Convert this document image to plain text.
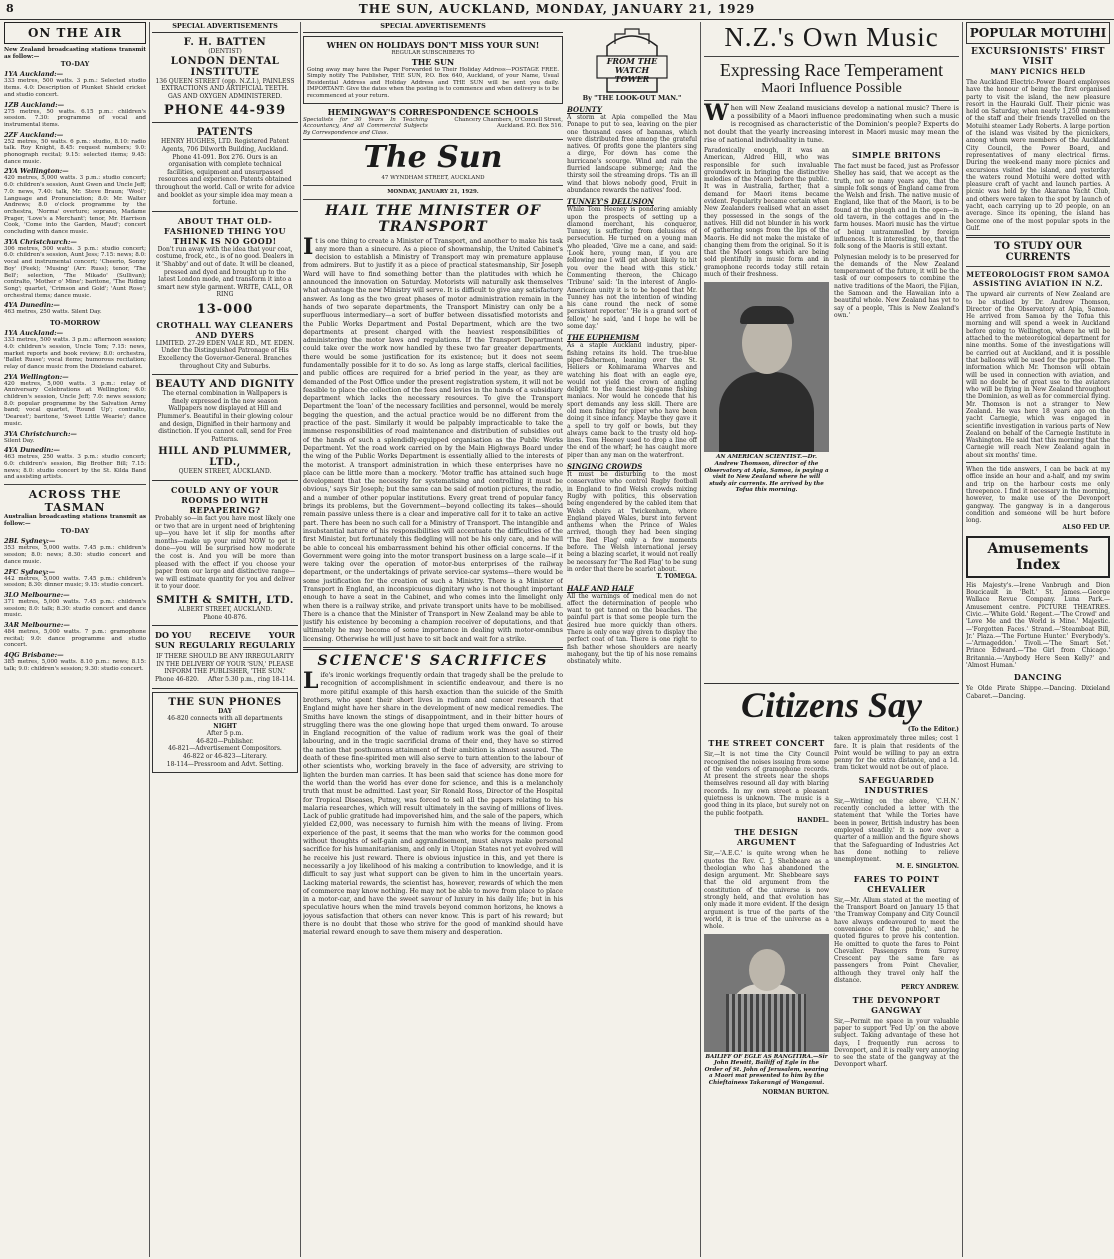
8	THE SUN, AUCKLAND, MONDAY, JANUARY 21, 1929
ON THE AIR
New Zealand broadcasting stations transmit as follow:—
TO-DAY
1YA Auckland:—
333 metres, 500 watts. 3 p.m.: Selected studio items. 4.0: Description of Plunket Shield cricket and studio concert.
1ZB Auckland:—
275 metres, 50 watts. 6.15 p.m.: children's session. 7.30: programme of vocal and instrumental items.
2ZF Auckland:—
252 metres, 50 watts. 6 p.m.: studio, 8.10: radio talk. Roy Knight, 8.45: request numbers; 9.0: phonograph recital; 9.15: selected items; 9.45: dance music.
2YA Wellington:—
420 metres, 5,000 watts. 3 p.m.: studio concert; 6.0: children's session, Aunt Gwen and Uncle Jeff; 7.0: news, 7.40: talk, Mr. Steve Braun; 'Wool'; Language and Pronunciation; 8.0: Mr. Walter Andrews; 8.0 o'clock programme by the orchestra, 'Norma' overture; soprano, Madame Prager, 'Love's a Merchant'; tenor, Mr. Harrison Cook, 'Come into the Garden, Maud'; concert concluding with dance music.
3YA Christchurch:—
306 metres, 500 watts. 3 p.m.: studio concert; 6.0: children's session, Aunt Jess; 7.15: news; 8.0: vocal and instrumental concert; 'Cheerio, Sonny Boy' (Feek); 'Musing' (Arr. Russ); tenor, 'The Bell'; selection, 'The Mikado' (Sullivan); contralto, 'Mother o' Mine'; baritone, 'The Riding Song'; quartet, 'Crimson and Gold'; 'Aunt Rose'; orchestral items; dance music.
4YA Dunedin:—
463 metres, 250 watts. Silent Day.
TO-MORROW
1YA Auckland:—
333 metres, 500 watts. 3 p.m.: afternoon session; 4.0: children's session, Uncle Tom; 7.15: news, market reports and book review; 8.0: orchestra, 'Ballet Russe'; vocal items; humorous recitation; relay of dance music from the Dixieland cabaret.
2YA Wellington:—
420 metres, 5,000 watts. 3 p.m.: relay of Anniversary Celebrations at Wellington; 6.0: children's session, Uncle Jeff; 7.0: news session; 8.0: popular programme by the Salvation Army band; vocal quartet, 'Round Up'; contralto, 'Dearest'; baritone, 'Sweet Little Wearie'; dance music.
3YA Christchurch:—
Silent Day.
4YA Dunedin:—
463 metres, 250 watts. 3 p.m.: studio concert; 6.0: children's session, Big Brother Bill; 7.15: news; 8.0: studio concert by the St. Kilda Band and assisting artists.
ACROSS THE TASMAN
Australian broadcasting stations transmit as follow:—
TO-DAY
2BL Sydney:—
353 metres, 5,000 watts. 7.45 p.m.: children's session; 8.0: news; 8.30: studio concert and dance music.
2FC Sydney:—
442 metres, 5,000 watts. 7.45 p.m.: children's session; 8.30: dinner music; 9.15: studio concert.
3LO Melbourne:—
371 metres, 5,000 watts. 7.45 p.m.: children's session; 8.0: talk; 8.30: studio concert and dance music.
3AR Melbourne:—
484 metres, 5,000 watts. 7 p.m.: gramophone recital; 9.0: dance programme and studio concert.
4QG Brisbane:—
385 metres, 5,000 watts. 8.10 p.m.: news; 8.15: talk; 9.0: children's session; 9.30: studio concert.
SPECIAL ADVERTISEMENTS
F. H. BATTEN
(DENTIST)
LONDON DENTAL INSTITUTE
136 QUEEN STREET (opp. N.Z.I.), PAINLESS EXTRACTIONS AND ARTIFICIAL TEETH. GAS AND OXYGEN ADMINISTERED.
PHONE 44-939
PATENTS
HENRY HUGHES, LTD. Registered Patent Agents, 706 Dilworth Building, Auckland. Phone 41-091. Box 276. Ours is an organisation with complete technical facilities, equipment and unsurpassed resources and experience. Patents obtained throughout the world. Call or write for advice and booklet as your simple idea may mean a fortune.
ABOUT THAT OLD-FASHIONED THING YOU THINK IS NO GOOD!
Don't run away with the idea that your coat, costume, frock, etc., is of no good. Dealers in it 'Shabby' and out of date. It will be cleaned, pressed and dyed and brought up to the latest London mode, and transform it into a smart new style garment. WRITE, CALL, OR RING
13-000
CROTHALL WAY CLEANERS AND DYERS
LIMITED. 27-29 EDEN VALE RD., MT. EDEN. Under the Distinguished Patronage of His Excellency the Governor-General. Branches throughout City and Suburbs.
BEAUTY AND DIGNITY
The eternal combination in Wallpapers is finely expressed in the new season Wallpapers now displayed at Hill and Plummer's. Beautiful in their glowing colour and design, Dignified in their harmony and distinction. If you cannot call, send for Free Patterns.
HILL AND PLUMMER, LTD.,
QUEEN STREET, AUCKLAND.
COULD ANY OF YOUR ROOMS DO WITH REPAPERING?
Probably so—in fact you have most likely one or two that are in urgent need of brightening up—you have let it slip for months after months—make up your mind NOW to get it done—you will be surprised how moderate the cost is. And you will be more than pleased with the effect if you choose your paper from our large and distinctive range—we will estimate quantity for you and deliver it to your door.
SMITH & SMITH, LTD.
ALBERT STREET, AUCKLAND.
Phone 40-876.
DO YOU RECEIVE YOUR
SUN REGULARLY REGULARLY
IF THERE SHOULD BE ANY IRREGULARITY IN THE DELIVERY OF YOUR 'SUN,' PLEASE INFORM THE PUBLISHER, 'THE SUN.'
Phone 46-820. After 5.30 p.m., ring 18-114.
THE SUN PHONES
DAY
46-820 connects with all departments
NIGHT
After 5 p.m.
46-820—Publisher.
46-821—Advertisement Compositors.
46-822 or 46-823—Literary.
18-114—Pressroom and Advt. Setting.
SPECIAL ADVERTISEMENTS
WHEN ON HOLIDAYS DON'T MISS YOUR SUN!
REGULAR SUBSCRIBERS TO
THE SUN
Going away may have the Paper Forwarded to Their Holiday Address—POSTAGE FREE. Simply notify The Publisher, THE SUN, P.O. Box 640, Auckland, of your Name, Usual Residential Address and Holiday Address and THE SUN will be sent you daily. IMPORTANT: Give the dates when the posting is to commence and when delivery is to be recommenced at your return.
HEMINGWAY'S CORRESPONDENCE SCHOOLS
Specialists for 30 Years In Teaching Accountancy, And all Commercial Subjects By Correspondence and Class.
Chancery Chambers, O'Connell Street, Auckland. P.O. Box 516.
The Sun
47 WYNDHAM STREET, AUCKLAND
MONDAY, JANUARY 21, 1929.
HAIL THE MINISTER OF TRANSPORT
It is one thing to create a Minister of Transport, and another to make his task any more than a sinecure. As a piece of showmanship, the United Cabinet's decision to establish a Ministry of Transport may win premature applause from admirers. But to justify it as a piece of practical statesmanship, Sir Joseph Ward will have to find something better than the platitudes with which he announced the innovation on Saturday. Motorists will naturally ask themselves what advantage the new Ministry will serve. It is difficult to give any satisfactory answer. As long as the two great phases of motor administration remain in the hands of two separate departments, the Transport Ministry can only be a superfluous intermediary—a sort of buffer between dissatisfied motorists and the Public Works Department and Postal Department, which are the two departments at present charged with the heaviest responsibilities of administering the motor laws and regulations. If the Transport Department could take over the work now handled by these two far greater departments, there would be some justification for its existence; but it does not seem fundamentally possible for it to do so. As long as large staffs, clerical facilities, and public offices are required for a brief period in the year, as they are demanded of the Post Office under the present registration system, it will not be feasible to place the collection of the fees and levies in the hands of a subsidiary department which lacks the necessary resources. To give the Transport Department the 'loan' of the necessary facilities and personnel, would be merely begging the question, and the actual practice would be no different from the practice of the past. Similarly it would be palpably impracticable to take the immense responsibilities of road maintenance and distribution of subsidies out of the hands of such a splendidly-equipped organisation as the Public Works Department. Yet the road work carried on by the Main Highways Board under the wing of the Public Works Department is essentially allied to the interests of the motorist. A transport administration in which these enterprises have no place can be little more than a mockery. 'Motor traffic has attained such huge development that the necessity for systematising and controlling it must be obvious,' says Sir Joseph; but the same can be said of motion pictures, the radio, and a number of other popular institutions. Every great trend of popular fancy brings its problems, but the Government—beyond collecting its takes—should remain passive unless there is a clear and imperative call for it to take an active part. There has been no such call for a Ministry of Transport. The intangible and insubstantial nature of his responsibilities will accentuate the difficulties of the first Minister, but fortunately this fledgling will not be his only care, and he will be able to conceal his embarrassment behind his other official concerns. If the Government were going into the motor transport business on a large scale—if it were taking over the operation of motor-bus enterprises of the railway department, or the undertakings of private service-car systems—there would be some justification for the creation of such a Ministry. There is a Minister of Transport in England, an inconspicuous dignitary who is not thought important enough to have a seat in the Cabinet, and who comes into the limelight only when there is a railway strike, and private transport units have to be mobilised. There is a chance that the Minister of Transport in New Zealand may be able to justify his existence by becoming a champion receiver of deputations, and that ultimately he may become of some importance in dealing with motor-omnibus licensing. Otherwise he will just have to sit back and wait for a strike.
SCIENCE'S SACRIFICES
Life's ironic workings frequently ordain that tragedy shall be the prelude to recognition of accomplishment in scientific endeavour, and there is no more pitiful example of this harsh exaction than the suicide of the Smith brothers, who spent their short lives in radium and cancer research that England might have her share in the development of new medical remedies. The Smiths have known the stings of disappointment, and in their bitter hours of struggling there was the one glowing hope that urged them onward. To arouse in England recognition of the value of radium work was the goal of their labouring, and in the tragic sacrificial drama of their end, they have so stirred the nation that posthumous attainment of their ambition is almost assured. The death of these fine-spirited men will also serve to turn attention to the labour of other scientists who, working bravely in the face of adversity, are striving to lighten the burden man carries. It has been said that science has done more for the world than the world has ever done for science, and this is a melancholy truth that must be admitted. Last year, Sir Ronald Ross, Director of the Hospital for Tropical Diseases, Putney, was forced to sell all the papers relating to his malaria researches, which will result ultimately in the saving of millions of lives. Lack of public gratitude had impoverished him, and the sale of the papers, which yielded £2,000, was necessary to furnish him with the means of living. From experience of the past, it seems that the man who works for the common good without thoughts of self-gain and aggrandisement, must always make personal sacrifice for his humanitarianism, and only in Utopian States not yet evolved will he receive his just reward. There is obvious injustice in this, and yet there is necessarily a joy likelihood of his making a contribution to knowledge, and it is difficult to say just what support can be given to him in the uncertain years. Lacking material rewards, the scientist has, however, rewards of which the men of commerce may know nothing. He may not be able to move from place to place in a motor-car, and have the sweet savour of luxury in his daily life; but in his speculative hours when the mind travels beyond common horizons, he knows a joyous satisfaction that others can never know. This is part of his reward; but there is no doubt that those who strive for the good of mankind should have material reward enough to save them misery and desperation.
FROM THE WATCH TOWER
By "THE LOOK-OUT MAN."
BOUNTY
A storm at Apia compelled the Mau Ponape to put to sea, leaving on the pier one thousand cases of bananas, which were distributed free among the grateful natives. Of profits gone the planters sing a dirge, For down has come the hurricane's scourge. Wind and rain the flurried landscape submerge; And the thirsty soil the streaming drops. 'Tis an ill wind that blows nobody good, Fruit in abundance rewards the natives' food.
TUNNEY'S DELUSION
While Tom Heeney is pondering amiably upon the prospects of setting up a diamond merchant, his conqueror, Tunney, is suffering from delusions of persecution. He turned on a young man who pleaded, 'Give me a cane, and said: 'Look here, young man, if you are following me I will get about likely to hit you over the head with this stick.' Commenting thereon, the Chicago 'Tribune' said: 'In the interest of Anglo-American unity it is to be hoped that Mr. Tunney has not the intention of winding his cane round the neck of some persistent reporter.' 'He is a grand sort of fellow,' he said, 'and I hope he will be some day.'
THE EUPHEMISM
As a staple Auckland industry, piper-fishing retains its hold. The true-blue piper-fishermen, leaning over the St. Heliers or Kohimarama Wharves and watching his float with an eagle eye, would not yield the crown of angling delight to the fanciest big-game fishing maniacs. Nor would he concede that his sport demands any less skill. There are old men fishing for piper who have been doing it since infancy. Maybe they gave it a spell to try golf or bowls, but they always came back to the trusty old hop-lines. Tom Heeney used to drop a line off the end of the wharf; he has caught more piper than any man on the waterfront.
SINGING CROWDS
It must be disturbing to the most conservative who control Rugby football in England to find Welsh crowds mixing Rugby with politics, this observation being engendered by the cabled item that Welsh choirs at Twickenham, where England played Wales, burst into fervent anthems when the Prince of Wales arrived, though they had been singing 'The Red Flag' only a few moments before. The Welsh international jersey being a blazing scarlet, it would not really be necessary for 'The Red Flag' to be sung in order that there be scarlet about.
T. TOMEGA.
HALF AND HALF
All the warnings of medical men do not affect the determination of people who want to get tanned on the beaches. The painful part is that some people turn the desired hue more quickly than others. There is only one way given to display the perfect coat of tan. There is one right to fish bather whose shoulders are nearly mahogany, but the tip of his nose remains obstinately white.
N.Z.'s Own Music
Expressing Race Temperament
Maori Influence Possible
When will New Zealand musicians develop a national music? There is a possibility of a Maori influence predominating when such a music is recognised as characteristic of the Dominion's people? Experts do not doubt that the yearly increasing interest in Maori music may mean the rise of national individuality in tune.
Paradoxically enough, it was an American, Aldred Hill, who was responsible for such invaluable groundwork in bringing the distinctive melodies of the Maori before the public. It was in Australia, farther, that a demand for Maori items became evident. Popularity became certain when New Zealanders realised what an asset they possessed in the songs of the natives. Hill did not blunder in his work of gathering songs from the lips of the Maoris. He did not make the mistake of changing them from the original. So it is that the Maori songs which are being sold plentifully in music form and in gramophone records today still retain much of their freshness.
AN AMERICAN SCIENTIST.—Dr. Andrew Thomson, director of the Observatory at Apia, Samoa, is paying a visit to New Zealand where he will study air currents. He arrived by the Tofua this morning.
SIMPLE BRITONS
The fact must be faced, just as Professor Shelley has said, that we accept as the truth, not so many years ago, that the simple folk songs of England came from the Welsh and Irish. The native music of England, like that of the Maori, is to be found at the plough and in the open—in old tavern, in the cottages and in the farm houses. Maori music has the virtue of being untrammelled by foreign influences. It is interesting, too, that the folk song of the Maoris is still extant.
Polynesian melody is to be preserved for the demands of the New Zealand temperament of the future, it will be the task of our composers to combine the native traditions of the Maori, the Fijian, the Samoan and the Hawaiian into a beautiful whole. New Zealand has yet to say of a people, 'This is New Zealand's own.'
Citizens Say
(To the Editor.)
THE STREET CONCERT
Sir,—It is not time the City Council recognised the noises issuing from some of the vendors of gramophone records. At present the streets near the shops themselves resound all day with blaring records. In my own street a pleasant quietness is unknown. The music is a good thing in its place, but surely not on the public footpath.
HANDEL.
THE DESIGN ARGUMENT
Sir,—'A.E.C.' is quite wrong when he quotes the Rev. C. J. Shebbeare as a theologian who has abandoned the design argument. Mr. Shebbeare says that the old argument from the constitution of the universe is now strongly held, and that evolution has only made it more evident. If the design argument is true of the parts of the world, it is true of the universe as a whole.
BAILIFF OF EGLE AS RANGITIRA.—Sir John Hewitt, Bailiff of Egle in the Order of St. John of Jerusalem, wearing a Maori mat presented to him by the Chieftainess Takarangi of Wanganui.
NORMAN BURTON.
taken approximately three miles; cost 1 fare. It is plain that residents of the Point would be willing to pay an extra penny for the extra distance, and a 1d. tram ticket would not be out of place.
SAFEGUARDED INDUSTRIES
Sir,—Writing on the above, 'C.H.N.' recently concluded a letter with the statement that 'while the Tories have been in power, British industry has been employed steadily.' It is now over a quarter of a million and the figure shows that the Safeguarding of Industries Act has done nothing to relieve unemployment.
M. E. SINGLETON.
FARES TO POINT CHEVALIER
Sir,—Mr. Allum stated at the meeting of the Transport Board on January 15 that 'the Tramway Company and City Council have always endeavoured to meet the convenience of the public,' and he quoted figures to prove his contention. He omitted to quote the fares to Point Chevalier. Passengers from Surrey Crescent pay the same fare as passengers from Point Chevalier, although they travel only half the distance.
PERCY ANDREW.
THE DEVONPORT GANGWAY
Sir,—Permit me space in your valuable paper to support 'Fed Up' on the above subject. Taking advantage of these hot days, I frequently run across to Devonport, and it is really very annoying to see the state of the gangway at the Devonport wharf.
POPULAR MOTUIHI
EXCURSIONISTS' FIRST VISIT
MANY PICNICS HELD
The Auckland Electric-Power Board employees have the honour of being the first organised party to visit the island, the new pleasure resort in the Hauraki Gulf. Their picnic was held on Saturday, when nearly 1,250 members of the staff and their friends travelled on the Motuihi steamer Lady Roberts. A large portion of the island was visited by the picnickers, among whom were members of the Auckland City Council, the Power Board, and representatives of many electrical firms. During the week-end many more picnics and excursions visited the island, and yesterday the waters round Motuihi were dotted with pleasure craft of yacht and launch parties. A picnic was held by the Akarana Yacht Club, and others were taken to the spot by launch of yacht, each carrying up to 20 people, on an average. Since its opening, the island has become one of the most popular spots in the Gulf.
TO STUDY OUR CURRENTS
METEOROLOGIST FROM SAMOA
ASSISTING AVIATION IN N.Z.
The upward air currents of New Zealand are to be studied by Dr. Andrew Thomson, Director of the Observatory at Apia, Samoa. He arrived from Samoa by the Tofua this morning and will spend a week in Auckland before going to Wellington, where he will be attached to the meteorological department for nine months. Some of the investigations will be carried out at Auckland, and it is possible that balloons will be used for the purpose. The information which Mr. Thomson will obtain will be used in connection with aviation, and will no doubt be of great use to the aviators who will be flying in New Zealand throughout the Dominion, as well as for commercial flying. Mr. Thomson is not a stranger to New Zealand. He was here 18 years ago on the yacht Carnegie, which was engaged in scientific investigation in various parts of New Zealand on behalf of the Carnegie Institute in Washington. He said that this morning that the Carnegie will reach New Zealand again in about six months' time.
When the tide answers, I can be back at my office inside an hour and a-half, and my swim and trip on the harbour costs me only threepence. I find it necessary in the morning, however, to make use of the Devonport gangway. The gangway is in a dangerous condition and someone will be hurt before long.
ALSO FED UP.
Amusements Index
His Majesty's.—Irene Vanbrugh and Dion Boucicault in 'Belt.' St. James.—George Wallace Revue Company. Luna Park.—Amusement centre. PICTURE THEATRES. Civic.—'White Gold.' Regent.—'The Crowd' and 'Love Me and the World is Mine.' Majestic.—'Forgotten Faces.' Strand.—'Steamboat Bill, Jr.' Plaza.—'The Fortune Hunter.' Everybody's.—'Armageddon.' Tivoli.—'The Smart Set.' Prince Edward.—'The Girl from Chicago.' Britannia.—'Anybody Here Seen Kelly?' and 'Almost Human.'
DANCING
Ye Olde Pirate Shippe.—Dancing. Dixieland Cabaret.—Dancing.
